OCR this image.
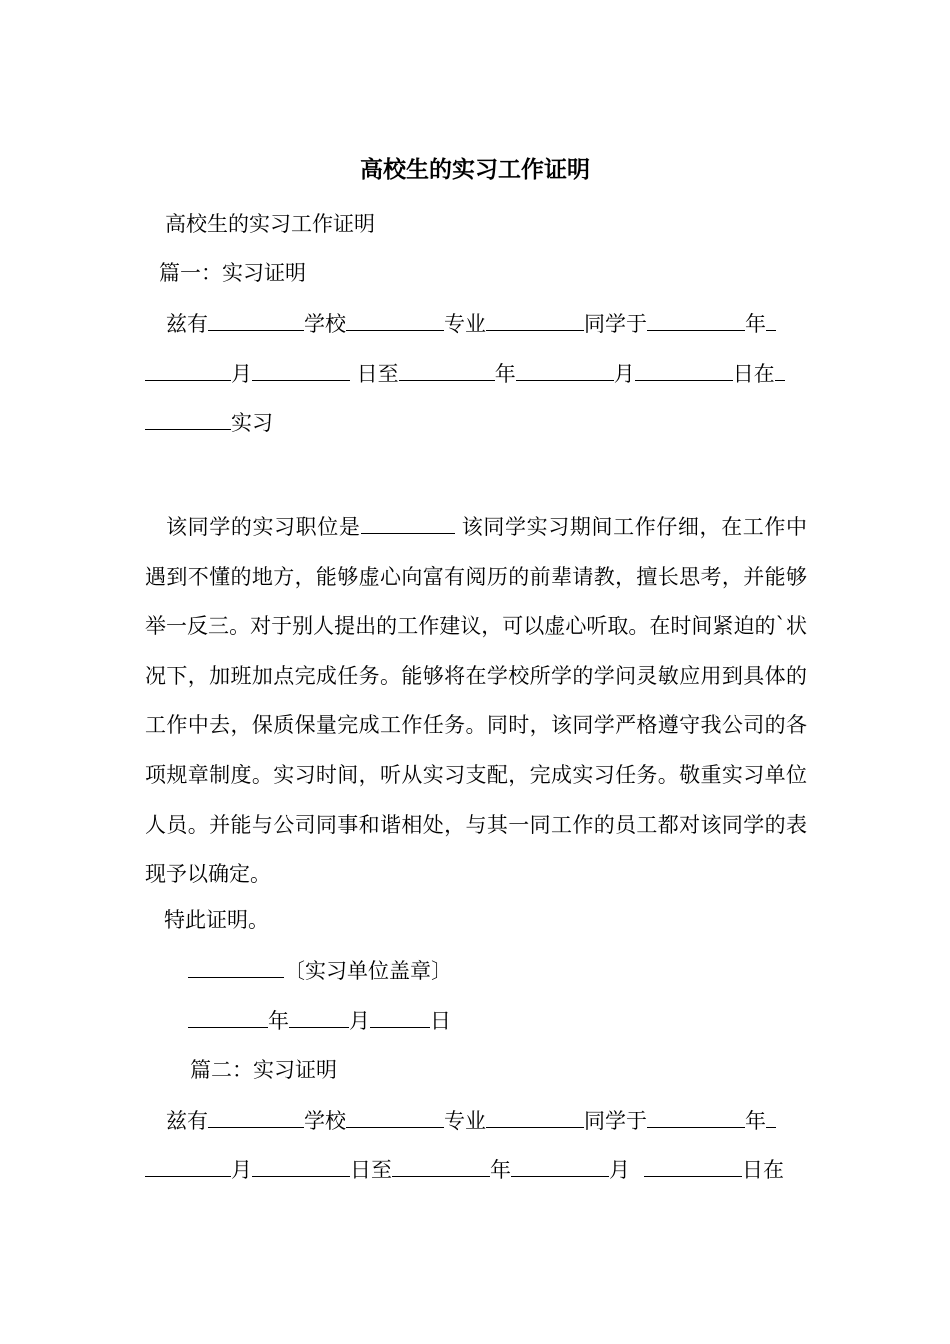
高校生的实习工作证明
高校生的实习工作证明
篇一：实习证明
兹有	学校	专业	同学于	年
月	日至	年	月	日在
实习
该同学的实习职位是	该同学实习期间工作仔细，在工作中遇到不懂的地方，能够虚心向富有阅历的前辈请教，擅长思考，并能够举一反三。对于别人提出的工作建议，可以虚心听取。在时间紧迫的`状况下，加班加点完成任务。能够将在学校所学的学问灵敏应用到具体的工作中去，保质保量完成工作任务。同时，该同学严格遵守我公司的各项规章制度。实习时间，听从实习支配，完成实习任务。敬重实习单位人员。并能与公司同事和谐相处，与其一同工作的员工都对该同学的表现予以确定。
特此证明。
〔实习单位盖章〕
年	月	日
篇二：实习证明
兹有	学校	专业	同学于	年
月	日至	年	月	日在
